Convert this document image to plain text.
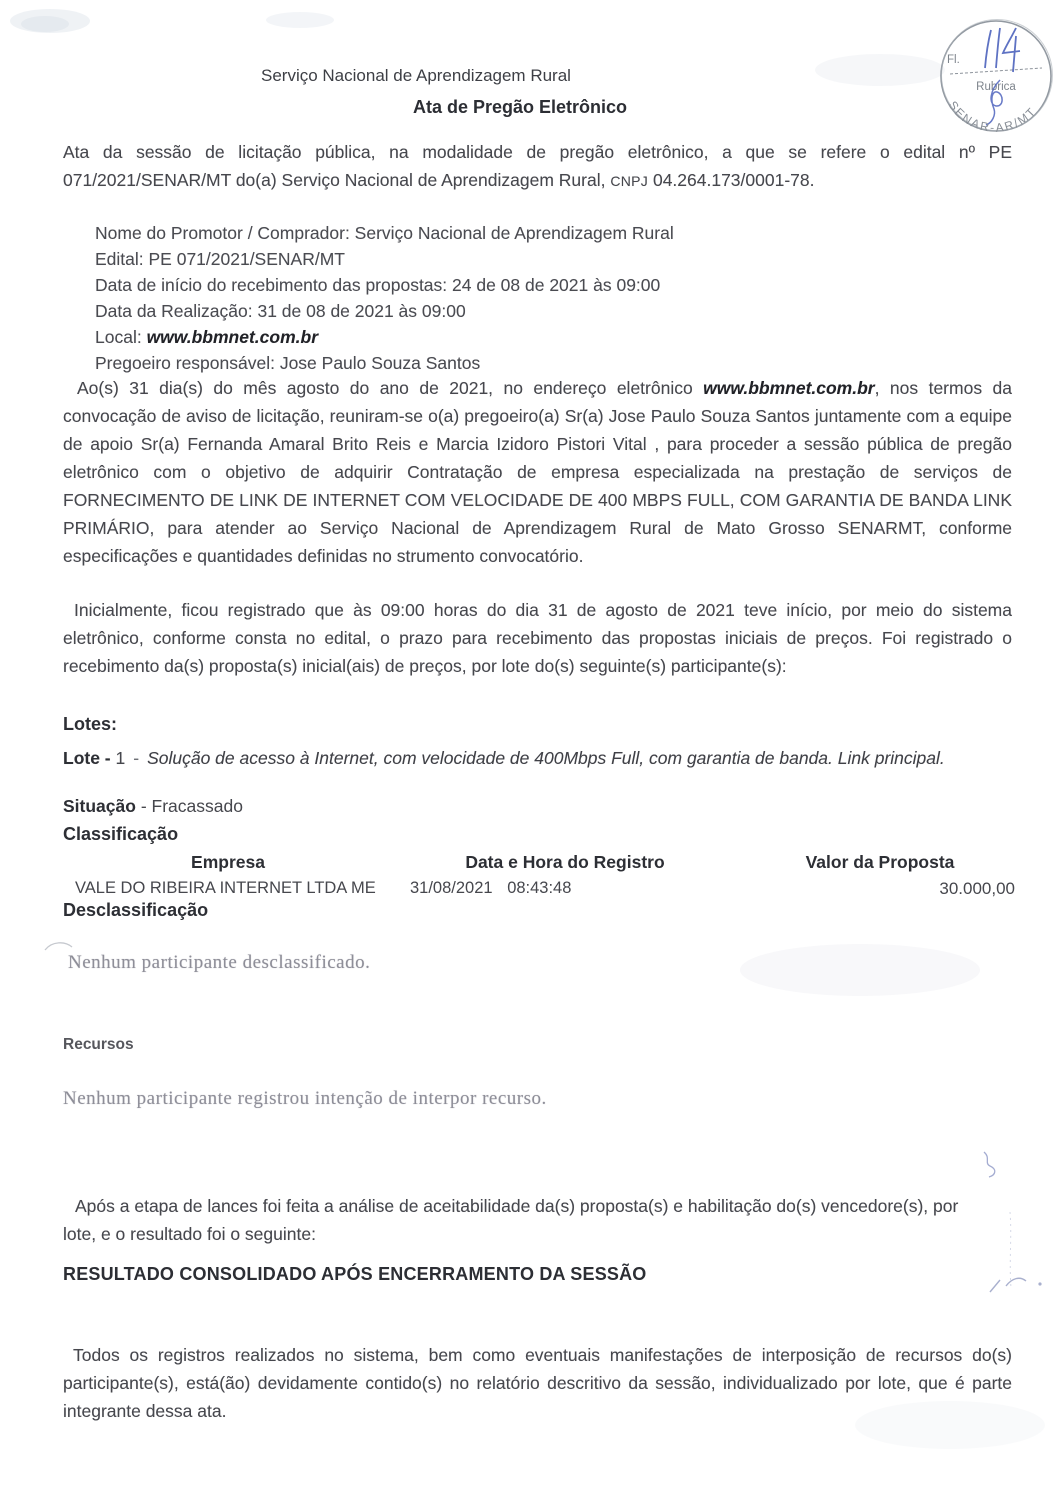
Fl.
Rubrica
SENAR-AR/MT
Serviço Nacional de Aprendizagem Rural
Ata de Pregão Eletrônico
Ata da sessão de licitação pública, na modalidade de pregão eletrônico, a que se refere o edital nº PE 071/2021/SENAR/MT do(a) Serviço Nacional de Aprendizagem Rural, CNPJ 04.264.173/0001-78.
Nome do Promotor / Comprador: Serviço Nacional de Aprendizagem Rural
Edital: PE 071/2021/SENAR/MT
Data de início do recebimento das propostas: 24 de 08 de 2021 às 09:00
Data da Realização: 31 de 08 de 2021 às 09:00
Local: www.bbmnet.com.br
Pregoeiro responsável: Jose Paulo Souza Santos
Ao(s) 31 dia(s) do mês agosto do ano de 2021, no endereço eletrônico www.bbmnet.com.br, nos termos da convocação de aviso de licitação, reuniram-se o(a) pregoeiro(a) Sr(a) Jose Paulo Souza Santos juntamente com a equipe de apoio Sr(a) Fernanda Amaral Brito Reis e Marcia Izidoro Pistori Vital , para proceder a sessão pública de pregão eletrônico com o objetivo de adquirir Contratação de empresa especializada na prestação de serviços de FORNECIMENTO DE LINK DE INTERNET COM VELOCIDADE DE 400 MBPS FULL, COM GARANTIA DE BANDA LINK PRIMÁRIO, para atender ao Serviço Nacional de Aprendizagem Rural de Mato Grosso SENARMT, conforme especificações e quantidades definidas no strumento convocatório.
Inicialmente, ficou registrado que às 09:00 horas do dia 31 de agosto de 2021 teve início, por meio do sistema eletrônico, conforme consta no edital, o prazo para recebimento das propostas iniciais de preços. Foi registrado o recebimento da(s) proposta(s) inicial(ais) de preços, por lote do(s) seguinte(s) participante(s):
Lotes:
Lote - 1 - Solução de acesso à Internet, com velocidade de 400Mbps Full, com garantia de banda. Link principal.
Situação - Fracassado
Classificação
Empresa	Data e Hora do Registro	Valor da Proposta
VALE DO RIBEIRA INTERNET LTDA ME 31/08/2021 08:43:48	30.000,00
Desclassificação
Nenhum participante desclassificado.
Recursos
Nenhum participante registrou intenção de interpor recurso.
Após a etapa de lances foi feita a análise de aceitabilidade da(s) proposta(s) e habilitação do(s) vencedore(s), por lote, e o resultado foi o seguinte:
RESULTADO CONSOLIDADO APÓS ENCERRAMENTO DA SESSÃO
Todos os registros realizados no sistema, bem como eventuais manifestações de interposição de recursos do(s) participante(s), está(ão) devidamente contido(s) no relatório descritivo da sessão, individualizado por lote, que é parte integrante dessa ata.
